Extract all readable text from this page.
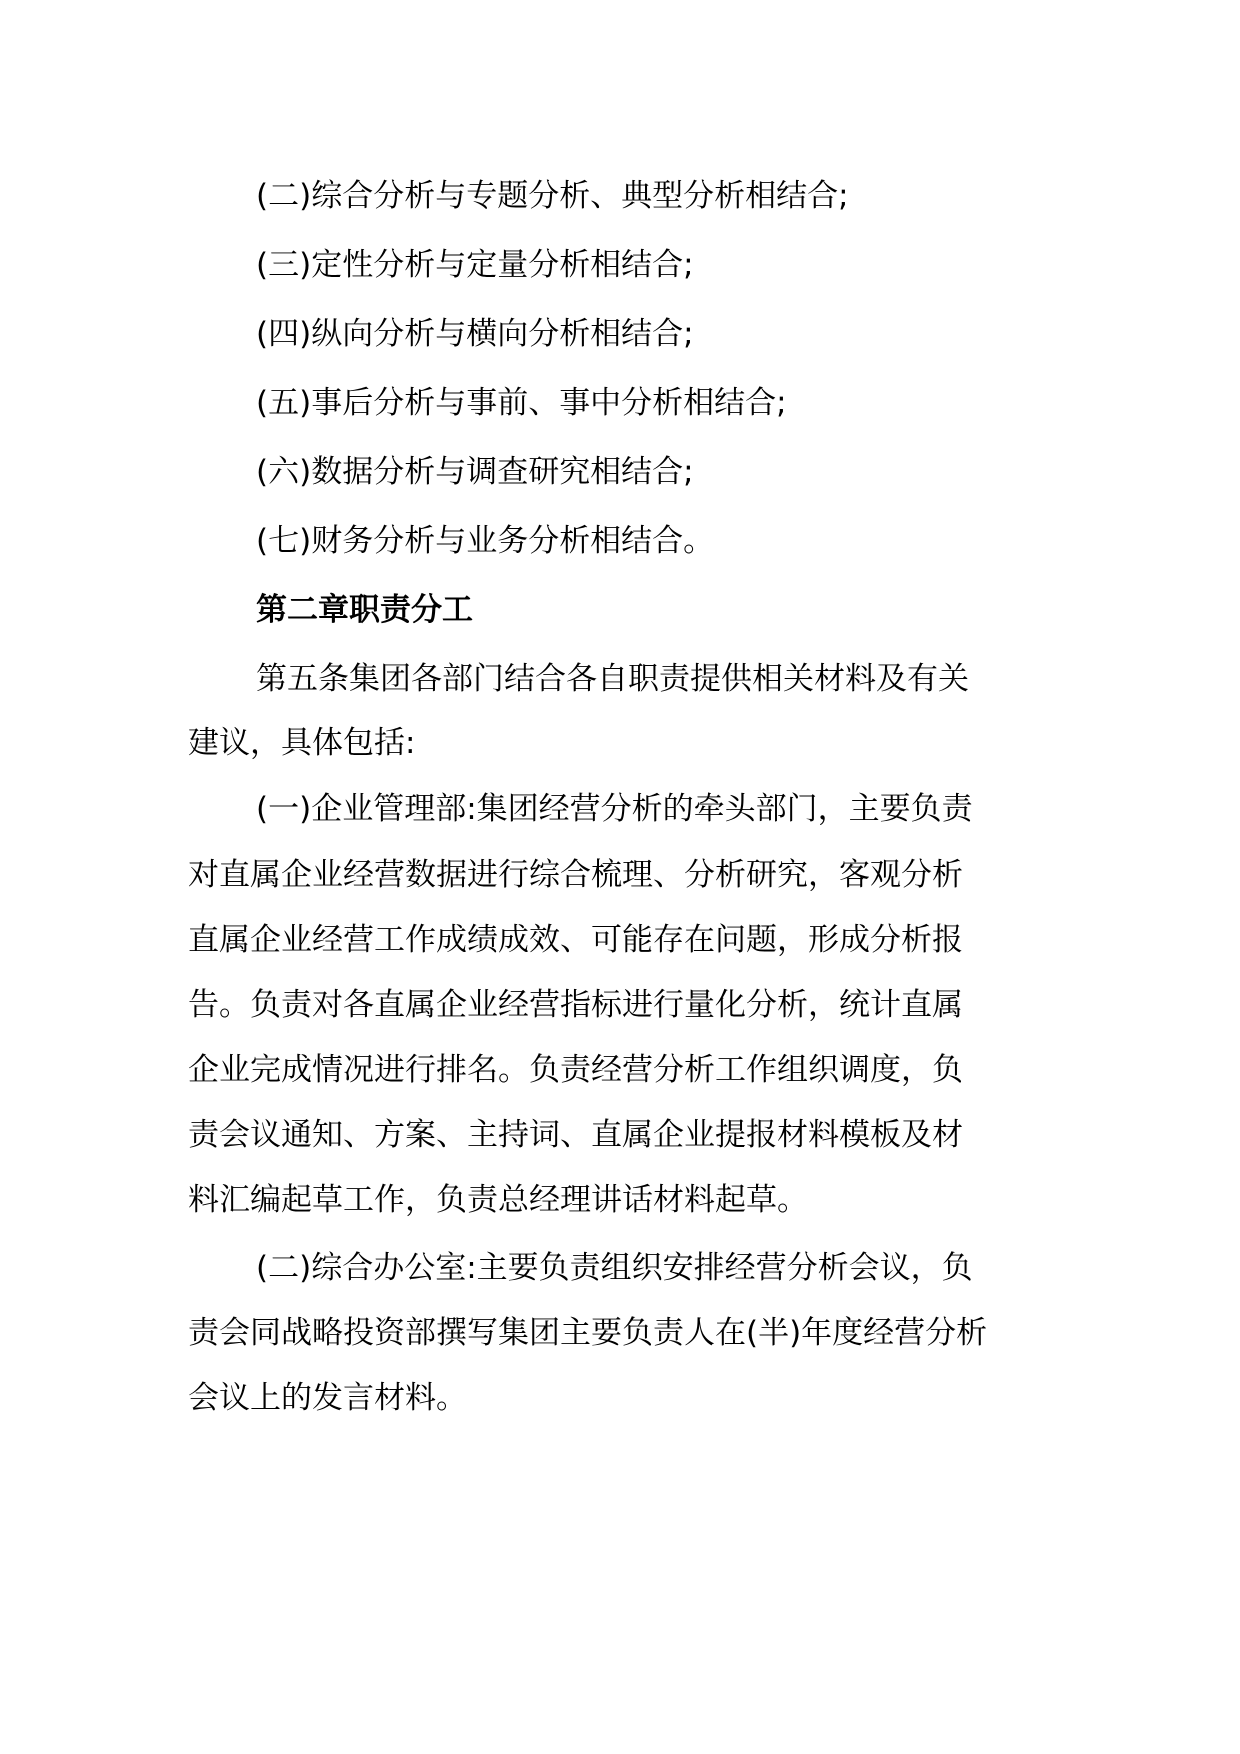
(二)综合分析与专题分析、典型分析相结合;
(三)定性分析与定量分析相结合;
(四)纵向分析与横向分析相结合;
(五)事后分析与事前、事中分析相结合;
(六)数据分析与调查研究相结合;
(七)财务分析与业务分析相结合。
第二章职责分工
第五条集团各部门结合各自职责提供相关材料及有关
建议，具体包括:
(一)企业管理部:集团经营分析的牵头部门，主要负责
对直属企业经营数据进行综合梳理、分析研究，客观分析
直属企业经营工作成绩成效、可能存在问题，形成分析报
告。负责对各直属企业经营指标进行量化分析，统计直属
企业完成情况进行排名。负责经营分析工作组织调度，负
责会议通知、方案、主持词、直属企业提报材料模板及材
料汇编起草工作，负责总经理讲话材料起草。
(二)综合办公室:主要负责组织安排经营分析会议，负
责会同战略投资部撰写集团主要负责人在(半)年度经营分析
会议上的发言材料。
